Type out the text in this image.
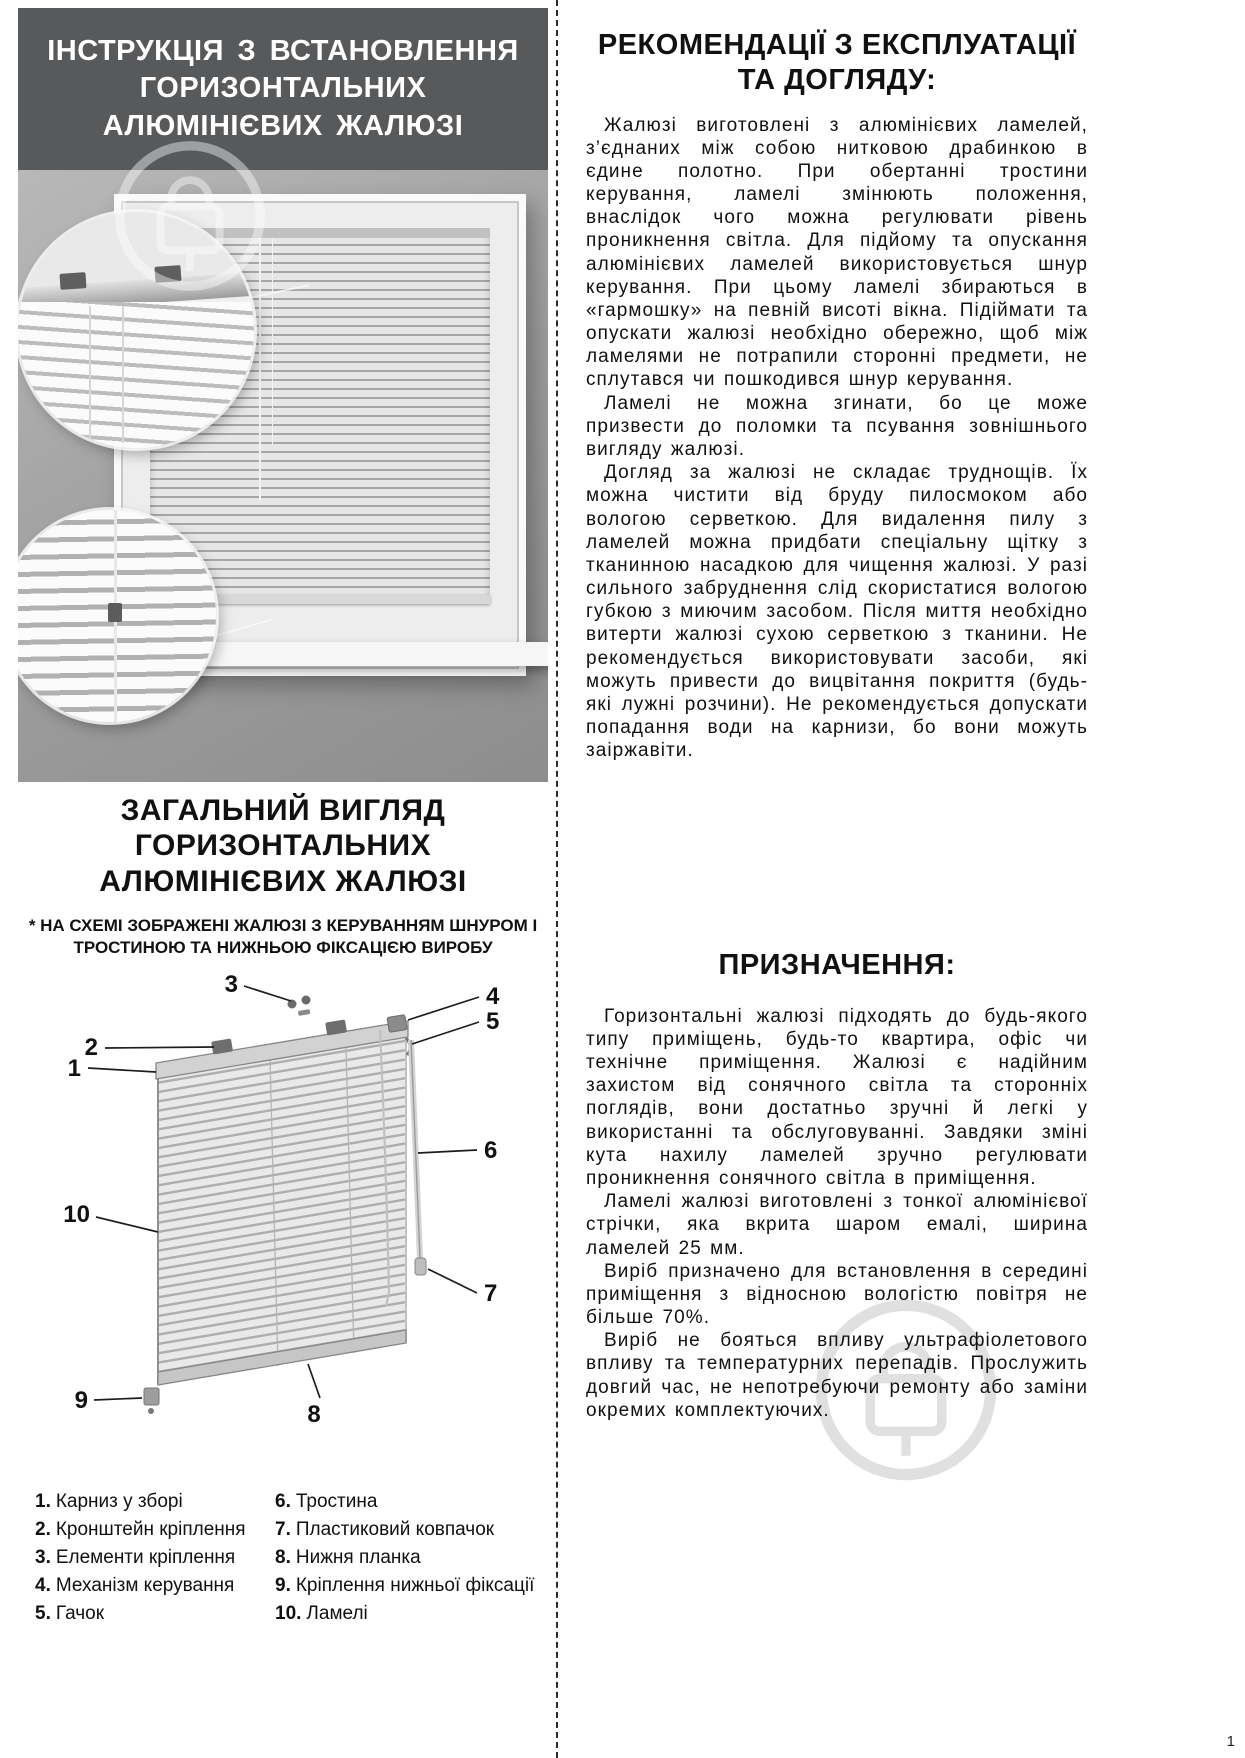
ІНСТРУКЦІЯ З ВСТАНОВЛЕННЯ ГОРИЗОНТАЛЬНИХ АЛЮМІНІЄВИХ ЖАЛЮЗІ
ЗАГАЛЬНИЙ ВИГЛЯД ГОРИЗОНТАЛЬНИХ АЛЮМІНІЄВИХ ЖАЛЮЗІ
* НА СХЕМІ ЗОБРАЖЕНІ ЖАЛЮЗІ З КЕРУВАННЯМ ШНУРОМ І ТРОСТИНОЮ ТА НИЖНЬОЮ ФІКСАЦІЄЮ ВИРОБУ
1
2
3	4
5
6
7
8
9
10
1. Карниз у зборі
2. Кронштейн кріплення
3. Елементи кріплення
4. Механізм керування
5. Гачок
6. Тростина
7. Пластиковий ковпачок
8. Нижня планка
9. Кріплення нижньої фіксації
10. Ламелі
РЕКОМЕНДАЦІЇ З ЕКСПЛУАТАЦІЇ ТА ДОГЛЯДУ:

Жалюзі виготовлені з алюмінієвих ламелей, з’єднаних між собою нитковою драбинкою в єдине полотно. При обертанні тростини керування, ламелі змінюють положення, внаслідок чого можна регулювати рівень проникнення світла. Для підйому та опускання алюмінієвих ламелей використовується шнур керування. При цьому ламелі збираються в «гармошку» на певній висоті вікна. Підіймати та опускати жалюзі необхідно обережно, щоб між ламелями не потрапили сторонні предмети, не сплутався чи пошкодився шнур керування.

Ламелі не можна згинати, бо це може призвести до поломки та псування зовнішнього вигляду жалюзі.

Догляд за жалюзі не складає труднощів. Їх можна чистити від бруду пилосмоком або вологою серветкою. Для видалення пилу з ламелей можна придбати спеціальну щітку з тканинною насадкою для чищення жалюзі. У разі сильного забруднення слід скористатися вологою губкою з миючим засобом. Після миття необхідно витерти жалюзі сухою серветкою з тканини. Не рекомендується використовувати засоби, які можуть привести до вицвітання покриття (будь-які лужні розчини). Не рекомендується допускати попадання води на карнизи, бо вони можуть заіржавіти.

ПРИЗНАЧЕННЯ:

Горизонтальні жалюзі підходять до будь-якого типу приміщень, будь-то квартира, офіс чи технічне приміщення. Жалюзі є надійним захистом від сонячного світла та сторонніх поглядів, вони достатньо зручні й легкі у використанні та обслуговуванні. Завдяки зміні кута нахилу ламелей зручно регулювати проникнення сонячного світла в приміщення.

Ламелі жалюзі виготовлені з тонкої алюмінієвої стрічки, яка вкрита шаром емалі, ширина ламелей 25 мм.

Виріб призначено для встановлення в середині приміщення з відносною вологістю повітря не більше 70%.

Виріб не бояться впливу ультрафіолетового впливу та температурних перепадів. Прослужить довгий час, не непотребуючи ремонту або заміни окремих комплектуючих.

1
